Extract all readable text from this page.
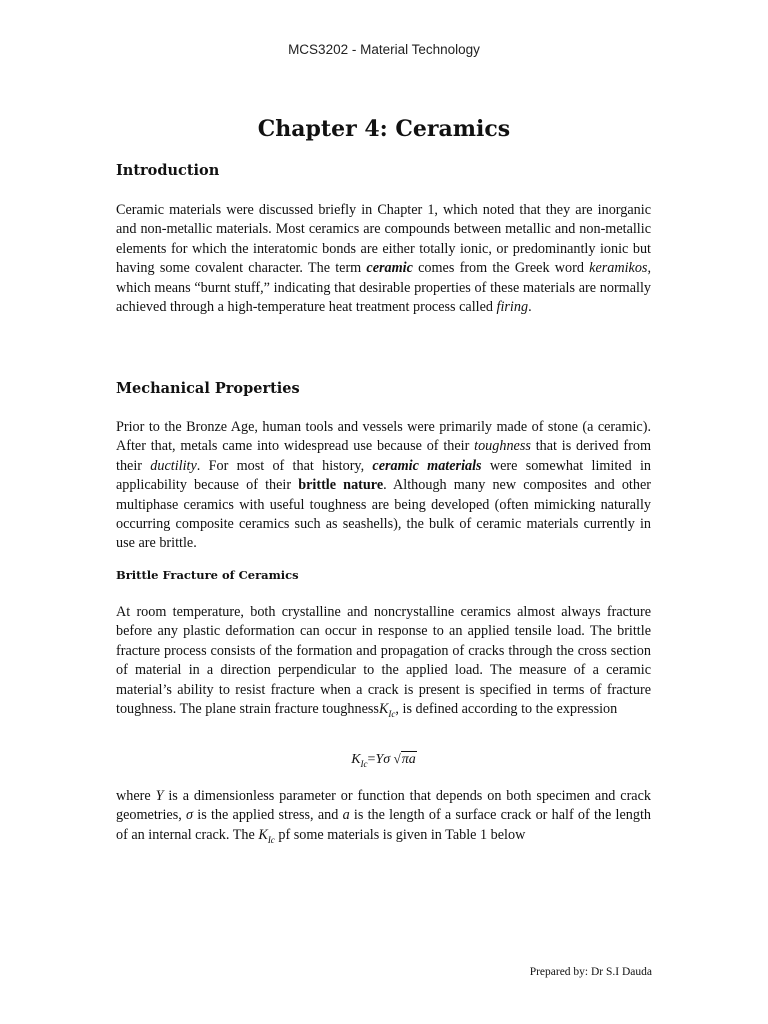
MCS3202 - Material Technology
Chapter 4: Ceramics
Introduction
Ceramic materials were discussed briefly in Chapter 1, which noted that they are inorganic and non-metallic materials. Most ceramics are compounds between metallic and non-metallic elements for which the interatomic bonds are either totally ionic, or predominantly ionic but having some covalent character. The term ceramic comes from the Greek word keramikos, which means “burnt stuff,” indicating that desirable properties of these materials are normally achieved through a high-temperature heat treatment process called firing.
Mechanical Properties
Prior to the Bronze Age, human tools and vessels were primarily made of stone (a ceramic). After that, metals came into widespread use because of their toughness that is derived from their ductility. For most of that history, ceramic materials were somewhat limited in applicability because of their brittle nature. Although many new composites and other multiphase ceramics with useful toughness are being developed (often mimicking naturally occurring composite ceramics such as seashells), the bulk of ceramic materials currently in use are brittle.
Brittle Fracture of Ceramics
At room temperature, both crystalline and noncrystalline ceramics almost always fracture before any plastic deformation can occur in response to an applied tensile load. The brittle fracture process consists of the formation and propagation of cracks through the cross section of material in a direction perpendicular to the applied load. The measure of a ceramic material’s ability to resist fracture when a crack is present is specified in terms of fracture toughness. The plane strain fracture toughnessK$_{Ic}$, is defined according to the expression
$K_{Ic}=Y\sigma$ √πa
where Y is a dimensionless parameter or function that depends on both specimen and crack geometries, σ is the applied stress, and a is the length of a surface crack or half of the length of an internal crack. The $K_{Ic}$ pf some materials is given in Table 1 below
Prepared by: Dr S.I Dauda
